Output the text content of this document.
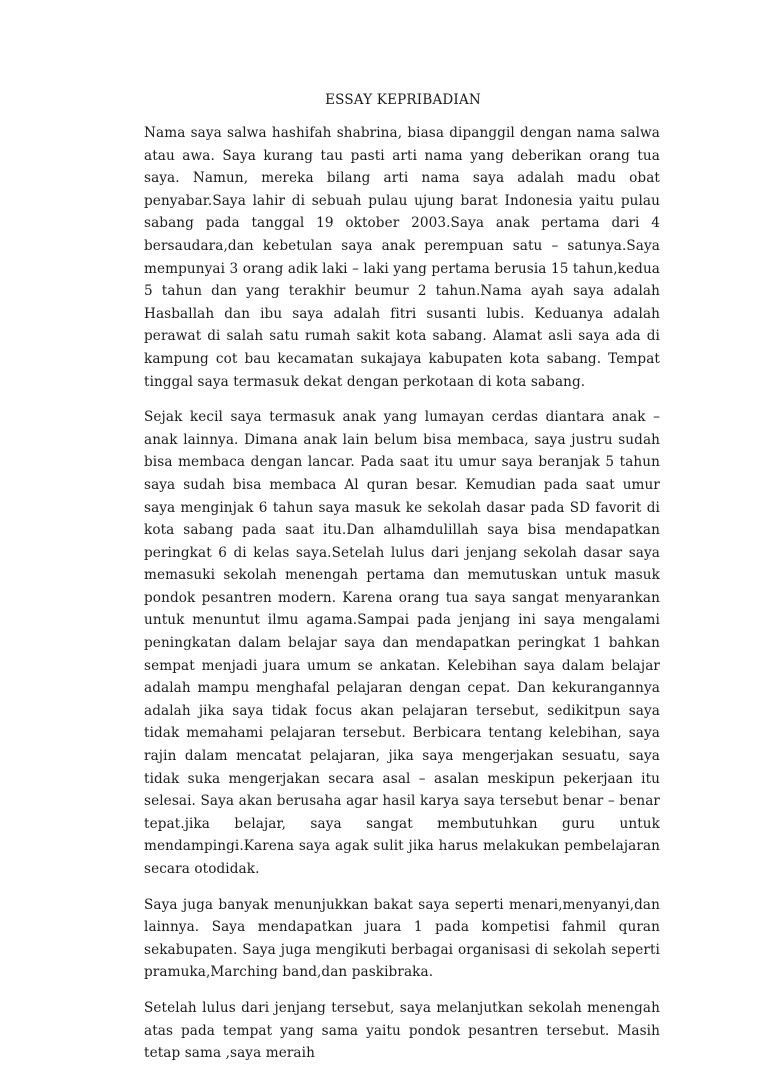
ESSAY KEPRIBADIAN

Nama saya salwa hashifah shabrina, biasa dipanggil dengan nama salwa atau awa. Saya kurang tau pasti arti nama yang deberikan orang tua saya. Namun, mereka bilang arti nama saya adalah madu obat penyabar.Saya lahir di sebuah pulau ujung barat Indonesia yaitu pulau sabang pada tanggal 19 oktober 2003.Saya anak pertama dari 4 bersaudara,dan kebetulan saya anak perempuan satu – satunya.Saya mempunyai 3 orang adik laki – laki yang pertama berusia 15 tahun,kedua 5 tahun dan yang terakhir beumur 2 tahun.Nama ayah saya adalah Hasballah dan ibu saya adalah fitri susanti lubis. Keduanya adalah perawat di salah satu rumah sakit kota sabang. Alamat asli saya ada di kampung cot bau kecamatan sukajaya kabupaten kota sabang. Tempat tinggal saya termasuk dekat dengan perkotaan di kota sabang.

Sejak kecil saya termasuk anak yang lumayan cerdas diantara anak – anak lainnya. Dimana anak lain belum bisa membaca, saya justru sudah bisa membaca dengan lancar. Pada saat itu umur saya beranjak 5 tahun saya sudah bisa membaca Al quran besar. Kemudian pada saat umur saya menginjak 6 tahun saya masuk ke sekolah dasar pada SD favorit di kota sabang pada saat itu.Dan alhamdulillah saya bisa mendapatkan peringkat 6 di kelas saya.Setelah lulus dari jenjang sekolah dasar saya memasuki sekolah menengah pertama dan memutuskan untuk masuk pondok pesantren modern. Karena orang tua saya sangat menyarankan untuk menuntut ilmu agama.Sampai pada jenjang ini saya mengalami peningkatan dalam belajar saya dan mendapatkan peringkat 1 bahkan sempat menjadi juara umum se ankatan. Kelebihan saya dalam belajar adalah mampu menghafal pelajaran dengan cepat. Dan kekurangannya adalah jika saya tidak focus akan pelajaran tersebut, sedikitpun saya tidak memahami pelajaran tersebut. Berbicara tentang kelebihan, saya rajin dalam mencatat pelajaran, jika saya mengerjakan sesuatu, saya tidak suka mengerjakan secara asal – asalan meskipun pekerjaan itu selesai. Saya akan berusaha agar hasil karya saya tersebut benar – benar tepat.jika belajar, saya sangat membutuhkan guru untuk mendampingi.Karena saya agak sulit jika harus melakukan pembelajaran secara otodidak.

Saya juga banyak menunjukkan bakat saya seperti menari,menyanyi,dan lainnya. Saya mendapatkan juara 1 pada kompetisi fahmil quran sekabupaten. Saya juga mengikuti berbagai organisasi di sekolah seperti pramuka,Marching band,dan paskibraka.

Setelah lulus dari jenjang tersebut, saya melanjutkan sekolah menengah atas pada tempat yang sama yaitu pondok pesantren tersebut. Masih tetap sama ,saya meraih
